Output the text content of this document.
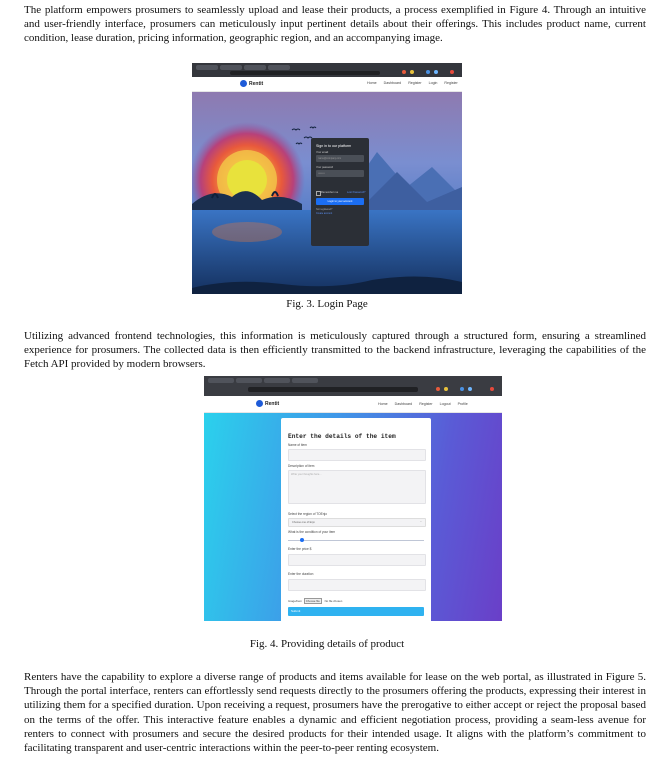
The platform empowers prosumers to seamlessly upload and lease their products, a process exemplified in Figure 4. Through an intuitive and user-friendly interface, prosumers can meticulously input pertinent details about their offerings. This includes product name, current condition, lease duration, pricing information, geographic region, and an accompanying image.

Rentit	Home Dashboard Register Login Register
Sign in to our platform
Your email
name@company.com
Your password
••••••••
Remember me	Lost Password?
Login to your account
Not registered?
Create account

Fig. 3. Login Page

Utilizing advanced frontend technologies, this information is meticulously captured through a structured form, ensuring a streamlined experience for prosumers. The collected data is then efficiently transmitted to the backend infrastructure, leveraging the capabilities of the Fetch API provided by modern browsers.

Rentit	Home Dashboard Register Logout Profile
Enter the details of the item
Name of item
Description of item
Write your thoughts here...
Select the region of TOEnjo
Choose one of Enjo	⌄
What is the condition of your item
Enter the price $
Enter the duration
Image/Item Choose file No file chosen
Submit

Fig. 4. Providing details of product

Renters have the capability to explore a diverse range of products and items available for lease on the web portal, as illustrated in Figure 5. Through the portal interface, renters can effortlessly send requests directly to the prosumers offering the products, expressing their interest in utilizing them for a specified duration. Upon receiving a request, prosumers have the prerogative to either accept or reject the proposal based on the terms of the offer. This interactive feature enables a dynamic and efficient negotiation process, providing a seam-less avenue for renters to connect with prosumers and secure the desired products for their intended usage. It aligns with the platform’s commitment to facilitating transparent and user-centric interactions within the peer-to-peer renting ecosystem.
